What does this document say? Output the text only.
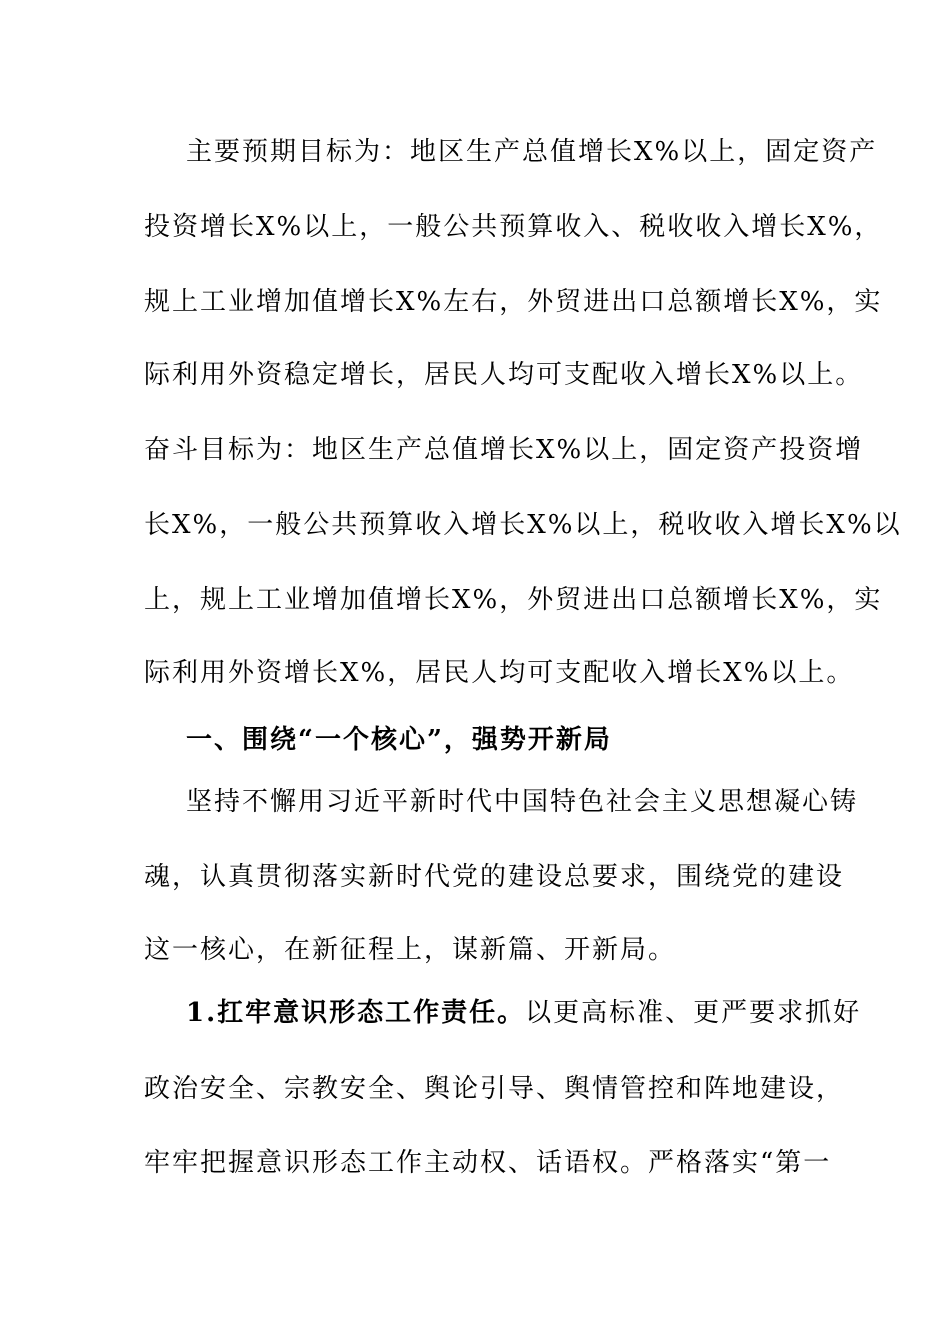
主要预期目标为：地区生产总值增长X%以上，固定资产
投资增长X%以上，一般公共预算收入、税收收入增长X%，
规上工业增加值增长X%左右，外贸进出口总额增长X%，实
际利用外资稳定增长，居民人均可支配收入增长X%以上。
奋斗目标为：地区生产总值增长X%以上，固定资产投资增
长X%，一般公共预算收入增长X%以上，税收收入增长X%以
上，规上工业增加值增长X%，外贸进出口总额增长X%，实
际利用外资增长X%，居民人均可支配收入增长X%以上。
一、围绕“一个核心”，强势开新局
坚持不懈用习近平新时代中国特色社会主义思想凝心铸
魂，认真贯彻落实新时代党的建设总要求，围绕党的建设
这一核心，在新征程上，谋新篇、开新局。
1.扛牢意识形态工作责任。以更高标准、更严要求抓好
政治安全、宗教安全、舆论引导、舆情管控和阵地建设，
牢牢把握意识形态工作主动权、话语权。严格落实“第一
